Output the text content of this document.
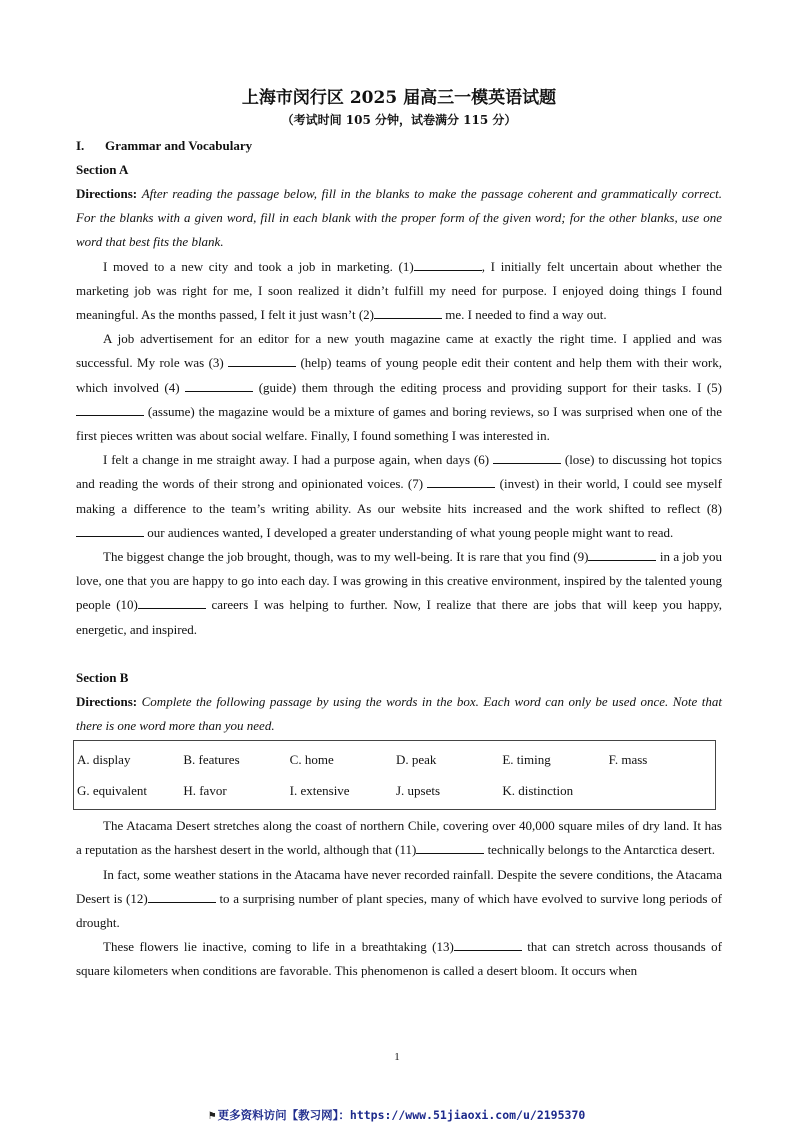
上海市闵行区 2025 届高三一模英语试题

（考试时间 105 分钟，试卷满分 115 分）

I. Grammar and Vocabulary

Section A

Directions: After reading the passage below, fill in the blanks to make the passage coherent and grammatically correct. For the blanks with a given word, fill in each blank with the proper form of the given word; for the other blanks, use one word that best fits the blank.

I moved to a new city and took a job in marketing. (1)	, I initially felt uncertain about whether the marketing job was right for me, I soon realized it didn’t fulfill my need for purpose. I enjoyed doing things I found meaningful. As the months passed, I felt it just wasn’t (2)	me. I needed to find a way out.

A job advertisement for an editor for a new youth magazine came at exactly the right time. I applied and was successful. My role was (3)	(help) teams of young people edit their content and help them with their work, which involved (4)	(guide) them through the editing process and providing support for their tasks. I (5)  (assume) the magazine would be a mixture of games and boring reviews, so I was surprised when one of the first pieces written was about social welfare. Finally, I found something I was interested in.

I felt a change in me straight away. I had a purpose again, when days (6)	(lose) to discussing hot topics and reading the words of their strong and opinionated voices. (7)	(invest) in their world, I could see myself making a difference to the team’s writing ability. As our website hits increased and the work shifted to reflect (8) our audiences wanted, I developed a greater understanding of what young people might want to read.

The biggest change the job brought, though, was to my well-being. It is rare that you find (9)	in a job you love, one that you are happy to go into each day. I was growing in this creative environment, inspired by the talented young people (10)	careers I was helping to further. Now, I realize that there are jobs that will keep you happy, energetic, and inspired.

Section B

Directions: Complete the following passage by using the words in the box. Each word can only be used once. Note that there is one word more than you need.

A. display	B. features	C. home	D. peak	E. timing	F. mass
G. equivalent	H. favor	I. extensive	J. upsets	K. distinction

The Atacama Desert stretches along the coast of northern Chile, covering over 40,000 square miles of dry land. It has a reputation as the harshest desert in the world, although that (11)	technically belongs to the Antarctica desert.

In fact, some weather stations in the Atacama have never recorded rainfall. Despite the severe conditions, the Atacama Desert is (12)	to a surprising number of plant species, many of which have evolved to survive long periods of drought.

These flowers lie inactive, coming to life in a breathtaking (13)	that can stretch across thousands of square kilometers when conditions are favorable. This phenomenon is called a desert bloom. It occurs when

1
⚑ 更多资料访问【教习网】：https://www.51jiaoxi.com/u/2195370
